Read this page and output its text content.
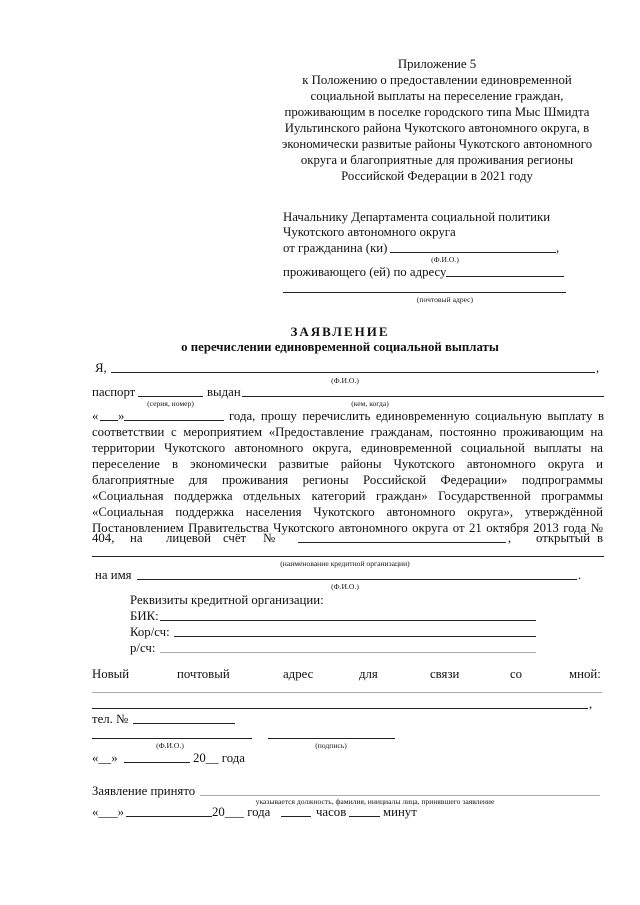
Приложение 5
к Положению о предоставлении единовременной
социальной выплаты на переселение граждан,
проживающим в поселке городского типа Мыс Шмидта
Иультинского района Чукотского автономного округа, в
экономически развитые районы Чукотского автономного
округа и благоприятные для проживания регионы
Российской Федерации в 2021 году
Начальнику Департамента социальной политики
Чукотского автономного округа
от гражданина (ки)	,
(Ф.И.О.)
проживающего (ей) по адресу
(почтовый адрес)
ЗАЯВЛЕНИЕ
о перечислении единовременной социальной выплаты
Я,	,
(Ф.И.О.)
паспорт	выдан
(серия, номер)	(кем, когда)
« »	года, прошу перечислить единовременную социальную выплату в
соответствии с мероприятием «Предоставление гражданам, постоянно проживающим на
территории Чукотского автономного округа, единовременной социальной выплаты на
переселение в экономически развитые районы Чукотского автономного округа и
благоприятные для проживания регионы Российской Федерации» подпрограммы
«Социальная поддержка отдельных категорий граждан» Государственной программы
«Социальная поддержка населения Чукотского автономного округа», утверждённой
Постановлением Правительства Чукотского автономного округа от 21 октября 2013 года №
404, на лицевой счёт №	, открытый в
(наименование кредитной организации)
на имя	.
(Ф.И.О.)
Реквизиты кредитной организации:
БИК:
Кор/сч:
р/сч:
Новый	почтовый	адрес	для	связи	со	мной:
,
тел. №
(Ф.И.О.)	(подпись)
«__»	20__ года
Заявление принято
указывается должность, фамилия, инициалы лица, принявшего заявление
«___»	20___ года	часов	минут
